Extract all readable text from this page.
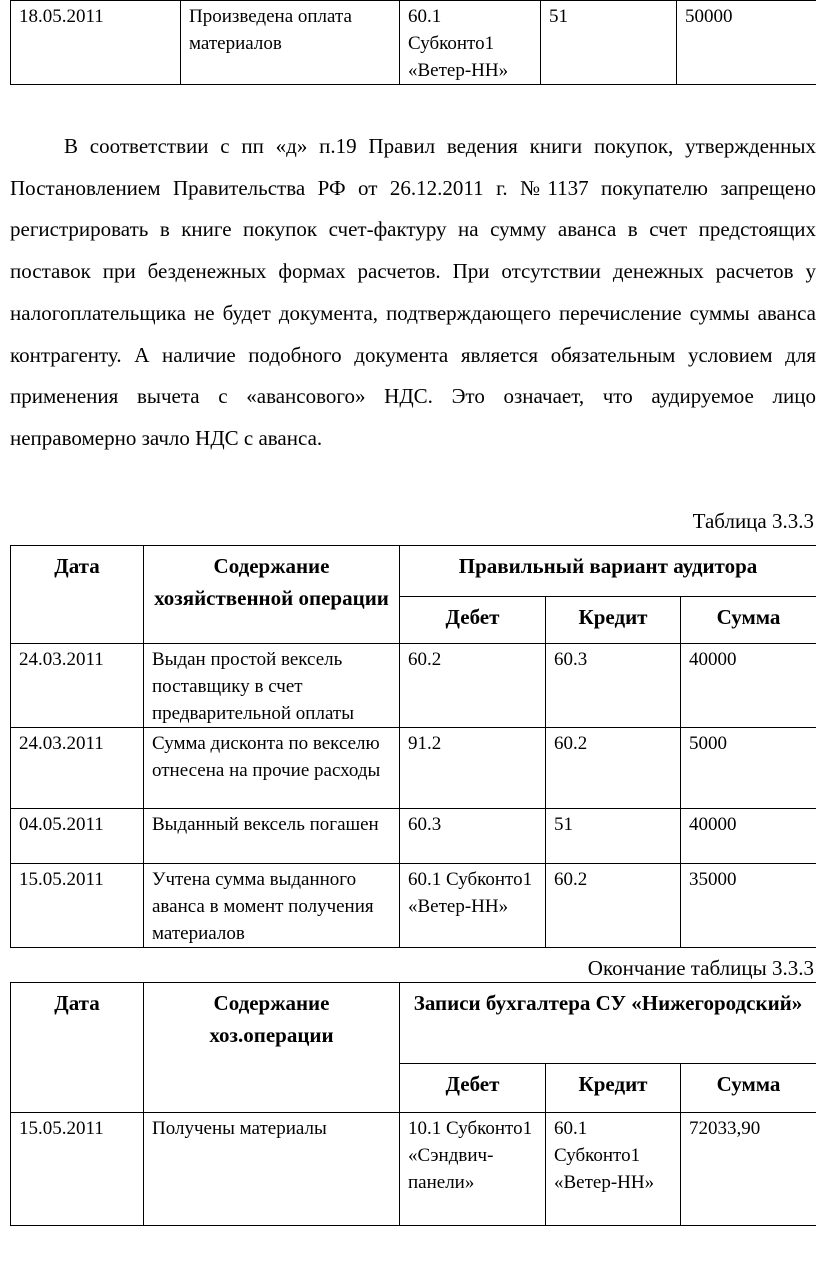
18.05.2011	Произведена оплата материалов	60.1 Субконто1 «Ветер-НН»	51	50000

В соответствии с пп «д» п.19 Правил ведения книги покупок, утвержденных Постановлением Правительства РФ от 26.12.2011 г. №1137 покупателю запрещено регистрировать в книге покупок счет-фактуру на сумму аванса в счет предстоящих поставок при безденежных формах расчетов. При отсутствии денежных расчетов у налогоплательщика не будет документа, подтверждающего перечисление суммы аванса контрагенту. А наличие подобного документа является обязательным условием для применения вычета с «авансового» НДС. Это означает, что аудируемое лицо неправомерно зачло НДС с аванса.

Таблица 3.3.3
Дата	Содержание хозяйственной операции	Правильный вариант аудитора		
		Дебет	Кредит	Сумма
24.03.2011	Выдан простой вексель поставщику в счет предварительной оплаты	60.2	60.3	40000
24.03.2011	Сумма дисконта по векселю отнесена на прочие расходы	91.2	60.2	5000
04.05.2011	Выданный вексель погашен	60.3	51	40000
15.05.2011	Учтена сумма выданного аванса в момент получения материалов	60.1 Субконто1 «Ветер-НН»	60.2	35000
Окончание таблицы 3.3.3
Дата	Содержание хоз.операции	Записи бухгалтера СУ «Нижегородский»		
		Дебет	Кредит	Сумма
15.05.2011	Получены материалы	10.1 Субконто1 «Сэндвич-панели»	60.1 Субконто1 «Ветер-НН»	72033,90
